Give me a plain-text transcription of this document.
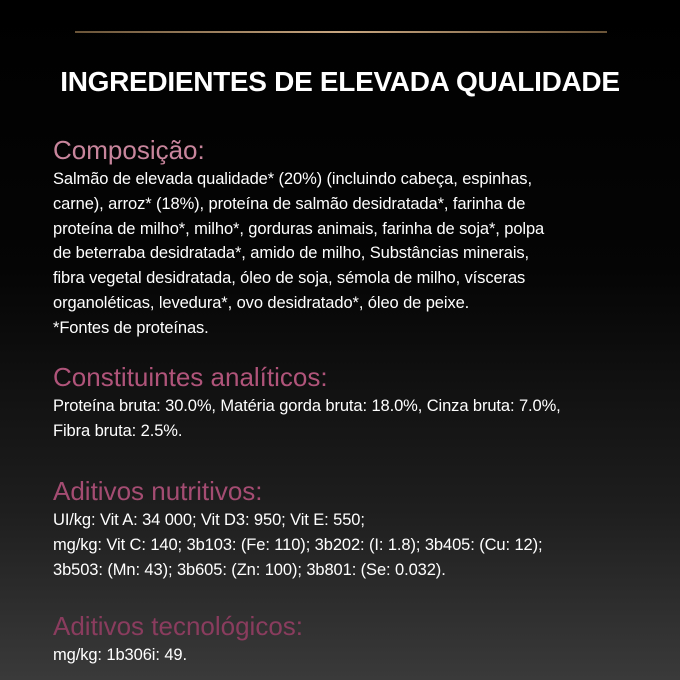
INGREDIENTES DE ELEVADA QUALIDADE
Composição:
Salmão de elevada qualidade* (20%) (incluindo cabeça, espinhas,
carne), arroz* (18%), proteína de salmão desidratada*, farinha de
proteína de milho*, milho*, gorduras animais, farinha de soja*, polpa
de beterraba desidratada*, amido de milho, Substâncias minerais,
fibra vegetal desidratada, óleo de soja, sémola de milho, vísceras
organoléticas, levedura*, ovo desidratado*, óleo de peixe.
*Fontes de proteínas.
Constituintes analíticos:
Proteína bruta: 30.0%, Matéria gorda bruta: 18.0%, Cinza bruta: 7.0%,
Fibra bruta: 2.5%.
Aditivos nutritivos:
UI/kg: Vit A: 34 000; Vit D3: 950; Vit E: 550;
mg/kg: Vit C: 140; 3b103: (Fe: 110); 3b202: (I: 1.8); 3b405: (Cu: 12);
3b503: (Mn: 43); 3b605: (Zn: 100); 3b801: (Se: 0.032).
Aditivos tecnológicos:
mg/kg: 1b306i: 49.
